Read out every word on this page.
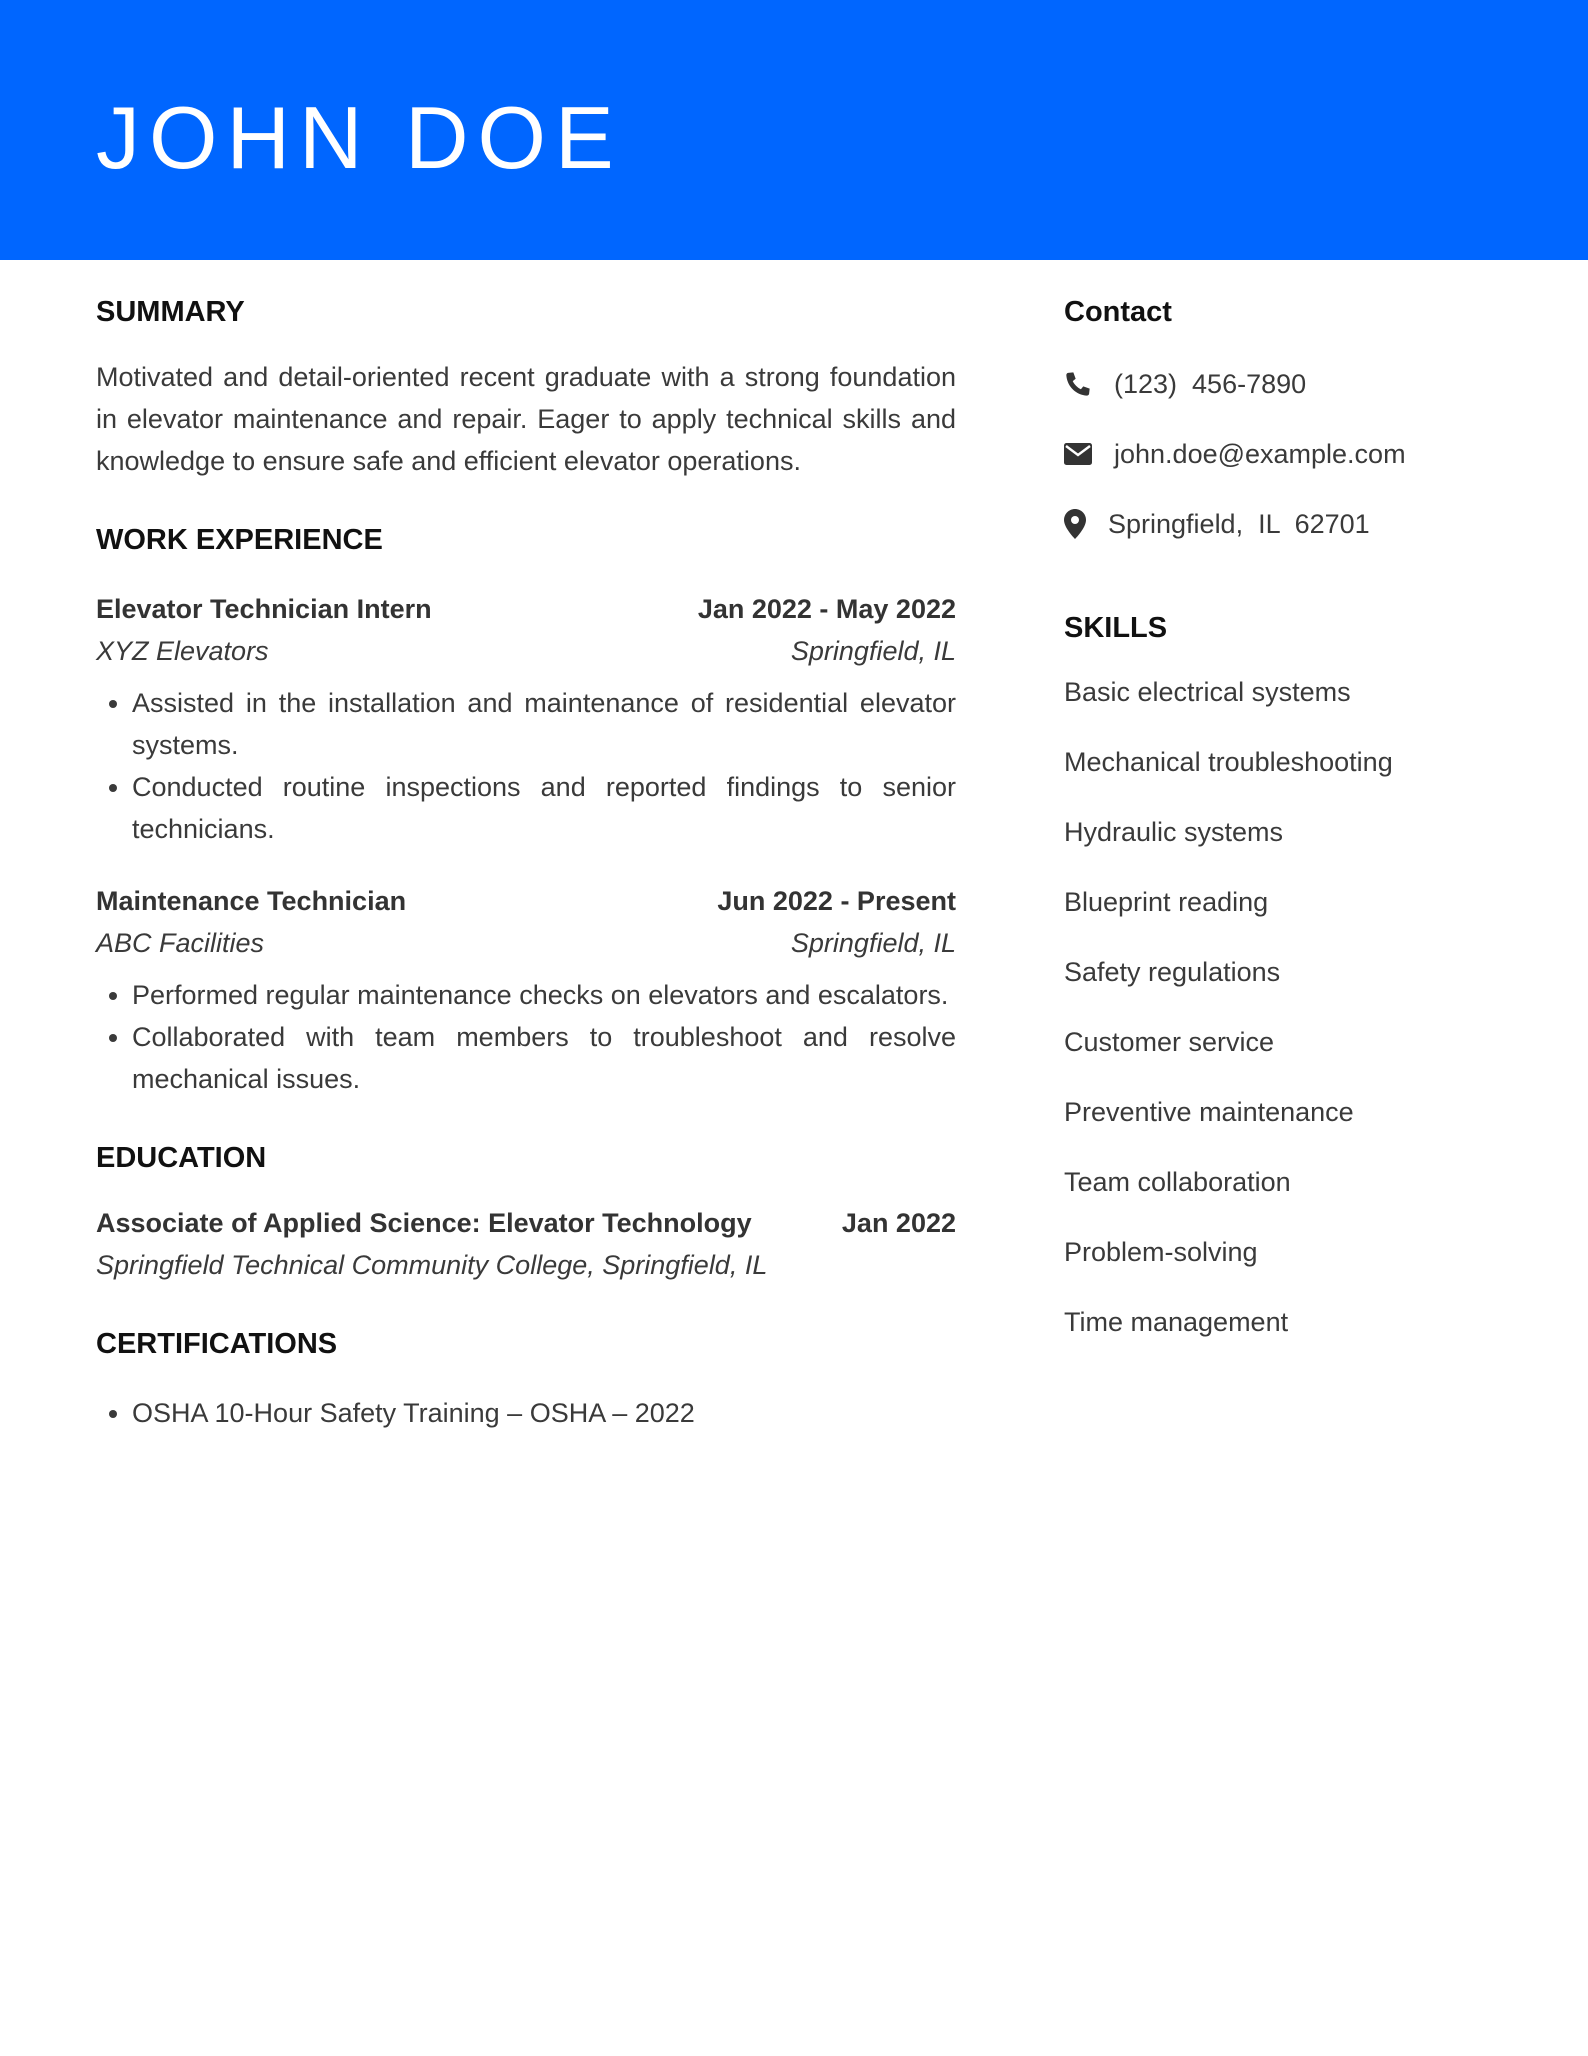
JOHN DOE
SUMMARY

Motivated and detail-oriented recent graduate with a strong foundation in elevator maintenance and repair. Eager to apply technical skills and knowledge to ensure safe and efficient elevator operations.

WORK EXPERIENCE
Elevator Technician Intern	Jan 2022 - May 2022
XYZ Elevators	Springfield, IL
• Assisted in the installation and maintenance of residential elevator systems.
• Conducted routine inspections and reported findings to senior technicians.
Maintenance Technician	Jun 2022 - Present
ABC Facilities	Springfield, IL
• Performed regular maintenance checks on elevators and escalators.
• Collaborated with team members to troubleshoot and resolve mechanical issues.
EDUCATION
Associate of Applied Science: Elevator Technology	Jan 2022
Springfield Technical Community College, Springfield, IL
CERTIFICATIONS
• OSHA 10-Hour Safety Training – OSHA – 2022
Contact
(123)  456-7890
john.doe@example.com
Springfield,  IL  62701
SKILLS
Basic electrical systems
Mechanical troubleshooting
Hydraulic systems
Blueprint reading
Safety regulations
Customer service
Preventive maintenance
Team collaboration
Problem-solving
Time management
